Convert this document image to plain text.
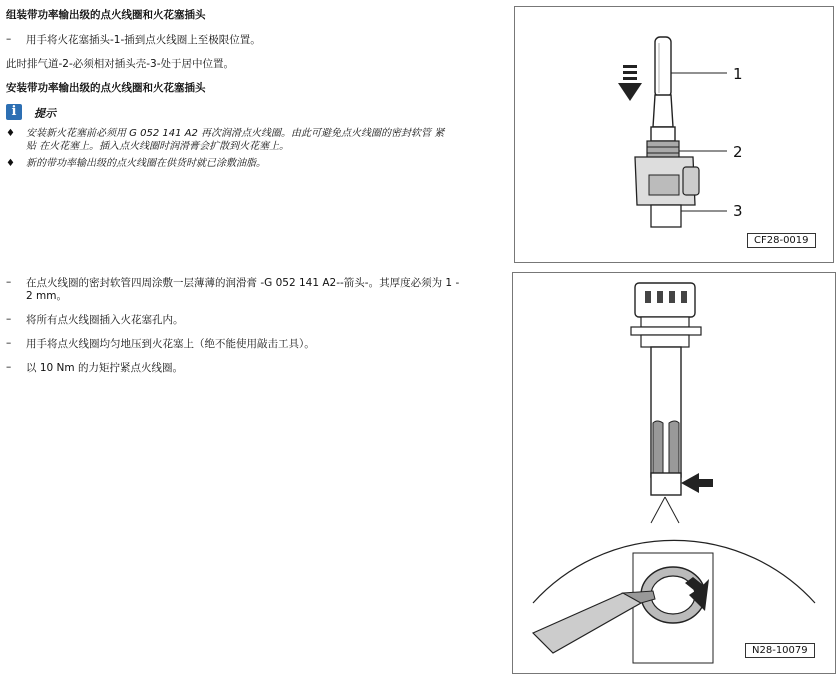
组装带功率输出级的点火线圈和火花塞插头
– 用手将火花塞插头-1-插到点火线圈上至极限位置。
此时排气道-2-必须相对插头壳-3-处于居中位置。
安装带功率输出级的点火线圈和火花塞插头
i	提示
♦ 安装新火花塞前必须用 G 052 141 A2 再次润滑点火线圈。由此可避免点火线圈的密封软管 紧
贴 在火花塞上。插入点火线圈时润滑膏会扩散到火花塞上。
♦ 新的带功率输出级的点火线圈在供货时就已涂敷油脂。
– 在点火线圈的密封软管四周涂敷一层薄薄的润滑膏 -G 052 141 A2--箭头-。其厚度必须为 1 -
2 mm。
– 将所有点火线圈插入火花塞孔内。
– 用手将点火线圈均匀地压到火花塞上（绝不能使用敲击工具）。
– 以 10 Nm 的力矩拧紧点火线圈。
1
2
3
CF28-0019
N28-10079
